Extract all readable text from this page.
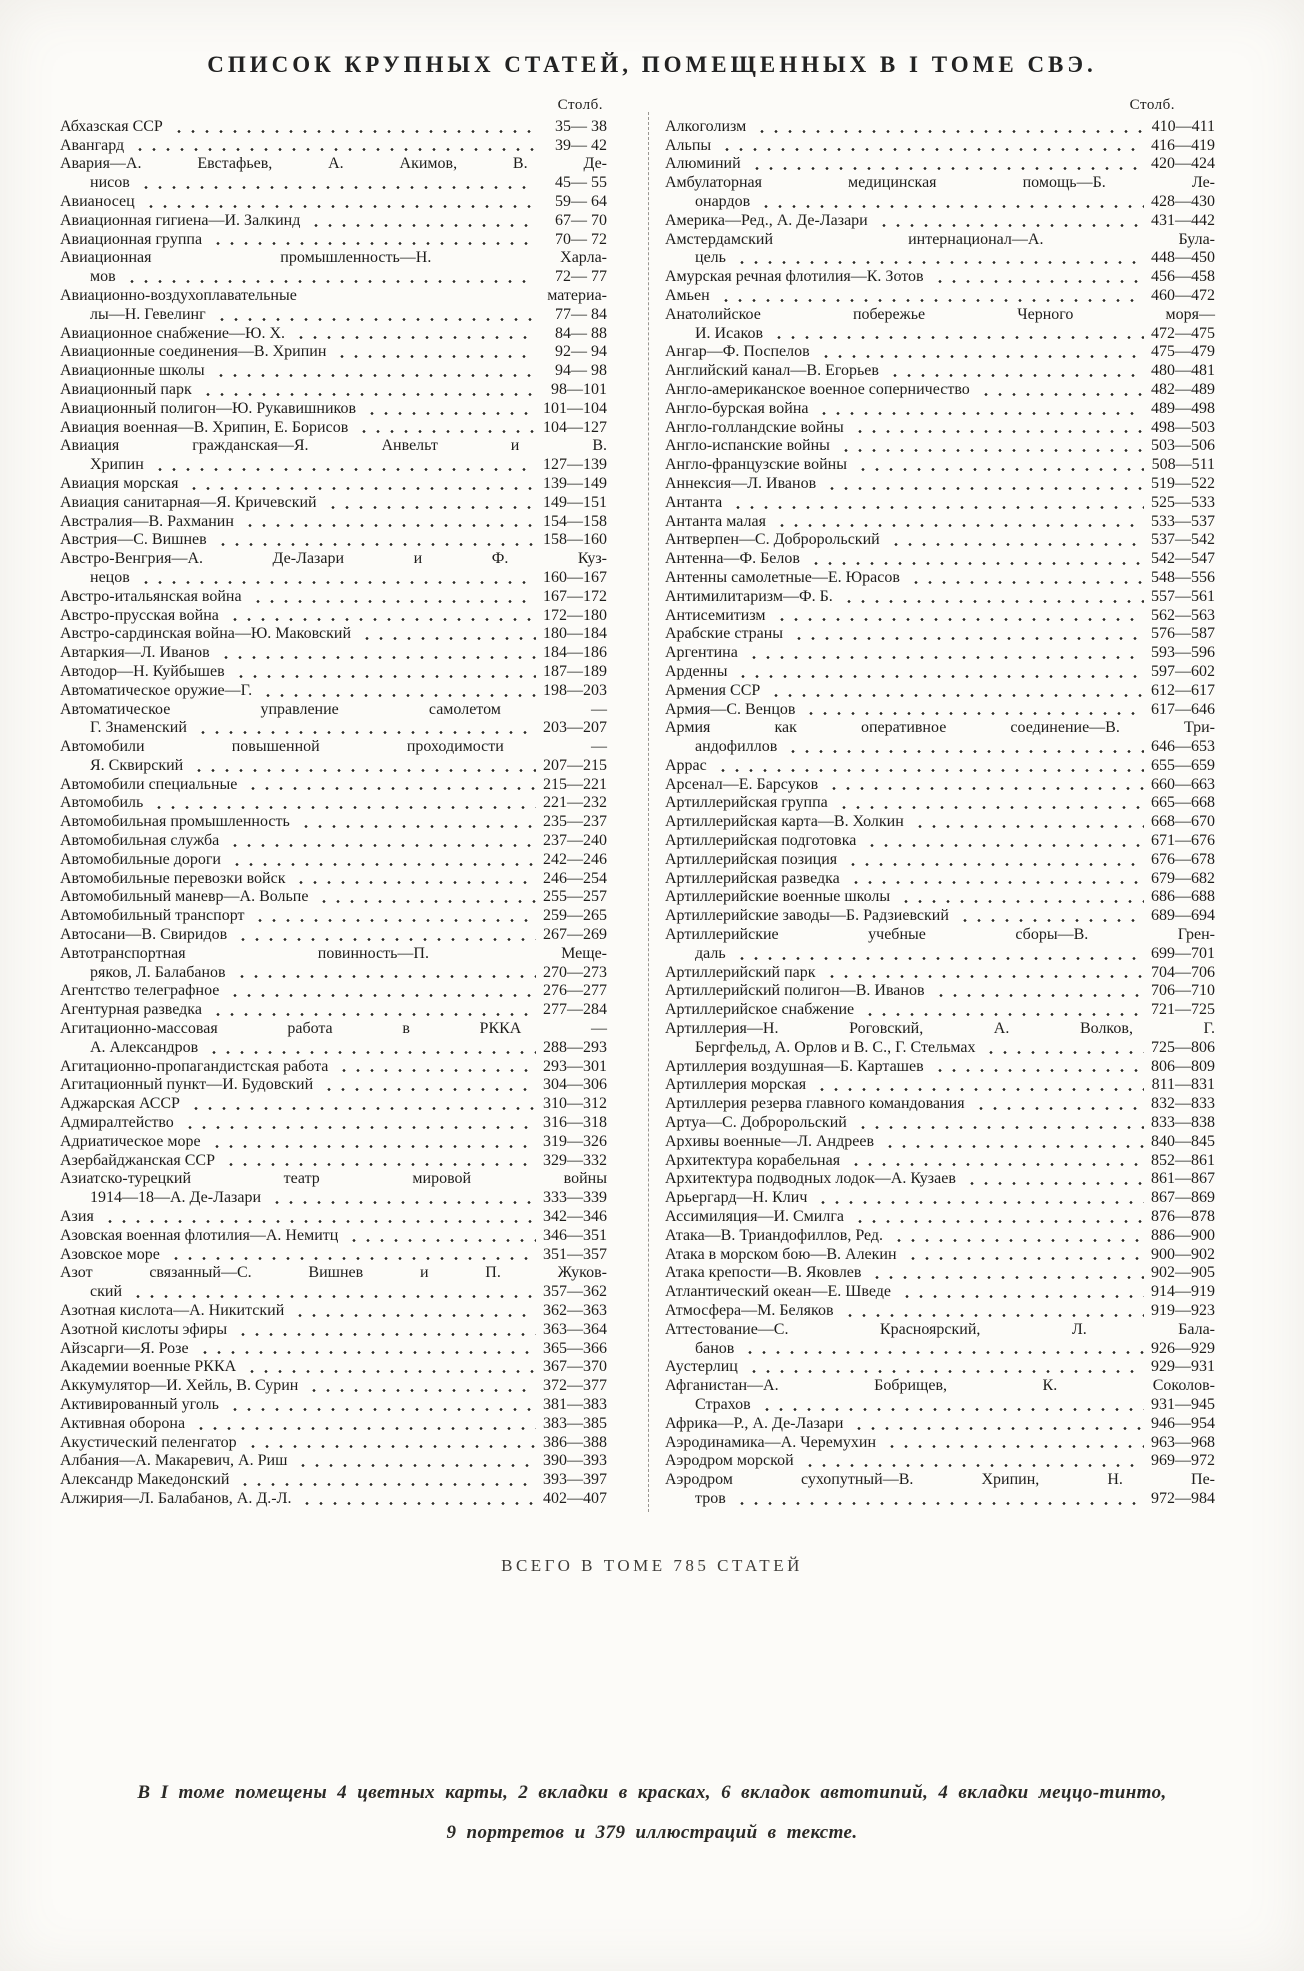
СПИСОК КРУПНЫХ СТАТЕЙ, ПОМЕЩЕННЫХ В I ТОМЕ СВЭ.
Столб.
Абхазская ССР	35— 38
Авангард	39— 42
Авария—А. Евстафьев, А. Акимов, В. Де-
нисов	45— 55
Авианосец	59— 64
Авиационная гигиена—И. Залкинд	67— 70
Авиационная группа	70— 72
Авиационная промышленность—Н. Харла-
мов	72— 77
Авиационно-воздухоплавательные материа-
лы—Н. Гевелинг	77— 84
Авиационное снабжение—Ю. Х.	84— 88
Авиационные соединения—В. Хрипин	92— 94
Авиационные школы	94— 98
Авиационный парк	98—101
Авиационный полигон—Ю. Рукавишников	101—104
Авиация военная—В. Хрипин, Е. Борисов	104—127
Авиация гражданская—Я. Анвельт и В.
Хрипин	127—139
Авиация морская	139—149
Авиация санитарная—Я. Кричевский	149—151
Австралия—В. Рахманин	154—158
Австрия—С. Вишнев	158—160
Австро-Венгрия—А. Де-Лазари и Ф. Куз-
нецов	160—167
Австро-итальянская война	167—172
Австро-прусская война	172—180
Австро-сардинская война—Ю. Маковский	180—184
Автаркия—Л. Иванов	184—186
Автодор—Н. Куйбышев	187—189
Автоматическое оружие—Г.	198—203
Автоматическое управление самолетом —
Г. Знаменский	203—207
Автомобили повышенной проходимости —
Я. Сквирский	207—215
Автомобили специальные	215—221
Автомобиль	221—232
Автомобильная промышленность	235—237
Автомобильная служба	237—240
Автомобильные дороги	242—246
Автомобильные перевозки войск	246—254
Автомобильный маневр—А. Вольпе	255—257
Автомобильный транспорт	259—265
Автосани—В. Свиридов	267—269
Автотранспортная повинность—П. Меще-
ряков, Л. Балабанов	270—273
Агентство телеграфное	276—277
Агентурная разведка	277—284
Агитационно-массовая работа в РККА —
А. Александров	288—293
Агитационно-пропагандистская работа	293—301
Агитационный пункт—И. Будовский	304—306
Аджарская АССР	310—312
Адмиралтейство	316—318
Адриатическое море	319—326
Азербайджанская ССР	329—332
Азиатско-турецкий театр мировой войны
1914—18—А. Де-Лазари	333—339
Азия	342—346
Азовская военная флотилия—А. Немитц	346—351
Азовское море	351—357
Азот связанный—С. Вишнев и П. Жуков-
ский	357—362
Азотная кислота—А. Никитский	362—363
Азотной кислоты эфиры	363—364
Айзсарги—Я. Розе	365—366
Академии военные РККА	367—370
Аккумулятор—И. Хейль, В. Сурин	372—377
Активированный уголь	381—383
Активная оборона	383—385
Акустический пеленгатор	386—388
Албания—А. Макаревич, А. Риш	390—393
Александр Македонский	393—397
Алжирия—Л. Балабанов, А. Д.-Л.	402—407
Столб.
Алкоголизм	410—411
Альпы	416—419
Алюминий	420—424
Амбулаторная медицинская помощь—Б. Ле-
онардов	428—430
Америка—Ред., А. Де-Лазари	431—442
Амстердамский интернационал—А. Була-
цель	448—450
Амурская речная флотилия—К. Зотов	456—458
Амьен	460—472
Анатолийское побережье Черного моря—
И. Исаков	472—475
Ангар—Ф. Поспелов	475—479
Английский канал—В. Егорьев	480—481
Англо-американское военное соперничество	482—489
Англо-бурская война	489—498
Англо-голландские войны	498—503
Англо-испанские войны	503—506
Англо-французские войны	508—511
Аннексия—Л. Иванов	519—522
Антанта	525—533
Антанта малая	533—537
Антверпен—С. Добророльский	537—542
Антенна—Ф. Белов	542—547
Антенны самолетные—Е. Юрасов	548—556
Антимилитаризм—Ф. Б.	557—561
Антисемитизм	562—563
Арабские страны	576—587
Аргентина	593—596
Арденны	597—602
Армения ССР	612—617
Армия—С. Венцов	617—646
Армия как оперативное соединение—В. Три-
андофиллов	646—653
Аррас	655—659
Арсенал—Е. Барсуков	660—663
Артиллерийская группа	665—668
Артиллерийская карта—В. Холкин	668—670
Артиллерийская подготовка	671—676
Артиллерийская позиция	676—678
Артиллерийская разведка	679—682
Артиллерийские военные школы	686—688
Артиллерийские заводы—Б. Радзиевский	689—694
Артиллерийские учебные сборы—В. Грен-
даль	699—701
Артиллерийский парк	704—706
Артиллерийский полигон—В. Иванов	706—710
Артиллерийское снабжение	721—725
Артиллерия—Н. Роговский, А. Волков, Г.
Бергфельд, А. Орлов и В. С., Г. Стельмах	725—806
Артиллерия воздушная—Б. Карташев	806—809
Артиллерия морская	811—831
Артиллерия резерва главного командования	832—833
Артуа—С. Добророльский	833—838
Архивы военные—Л. Андреев	840—845
Архитектура корабельная	852—861
Архитектура подводных лодок—А. Кузаев	861—867
Арьергард—Н. Клич	867—869
Ассимиляция—И. Смилга	876—878
Атака—В. Триандофиллов, Ред.	886—900
Атака в морском бою—В. Алекин	900—902
Атака крепости—В. Яковлев	902—905
Атлантический океан—Е. Шведе	914—919
Атмосфера—М. Беляков	919—923
Аттестование—С. Красноярский, Л. Бала-
банов	926—929
Аустерлиц	929—931
Афганистан—А. Бобрищев, К. Соколов-
Страхов	931—945
Африка—Р., А. Де-Лазари	946—954
Аэродинамика—А. Черемухин	963—968
Аэродром морской	969—972
Аэродром сухопутный—В. Хрипин, Н. Пе-
тров	972—984
ВСЕГО В ТОМЕ 785 СТАТЕЙ
В I томе помещены 4 цветных карты, 2 вкладки в красках, 6 вкладок автотипий, 4 вкладки меццо-тинто,
9 портретов и 379 иллюстраций в тексте.
